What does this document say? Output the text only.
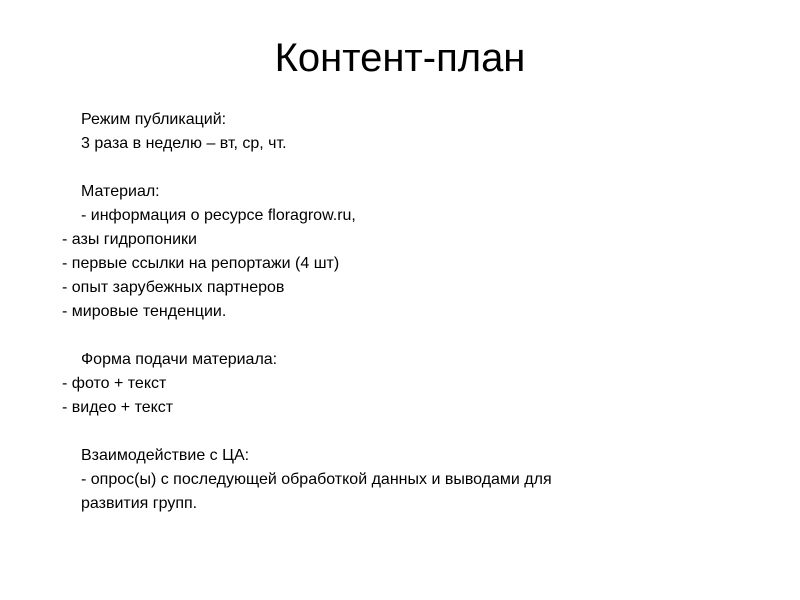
Контент-план
Режим публикаций:
3 раза в неделю – вт, ср, чт.
Материал:
- информация о ресурсе floragrow.ru,
- азы гидропоники
- первые ссылки на репортажи (4 шт)
- опыт зарубежных партнеров
- мировые тенденции.
Форма подачи материала:
- фото + текст
- видео + текст
Взаимодействие с ЦА:
- опрос(ы) с последующей обработкой данных и выводами для
развития групп.
